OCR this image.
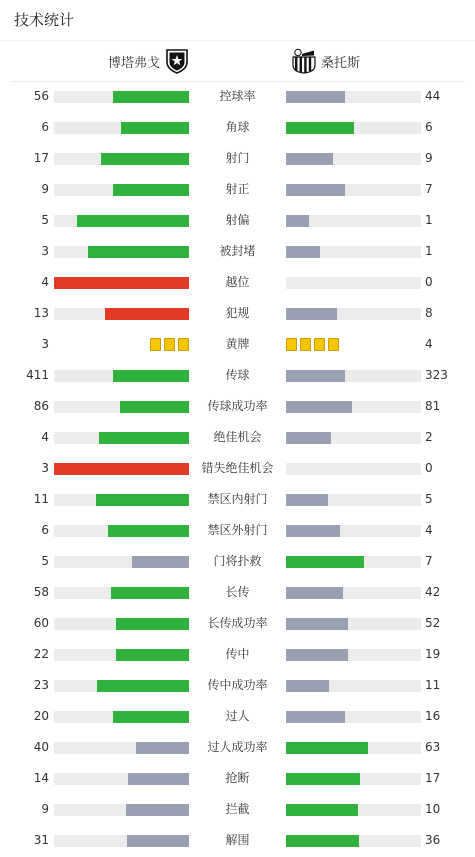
技术统计
博塔弗戈	桑托斯
56	控球率	44
6	角球	6
17	射门	9
9	射正	7
5	射偏	1
3	被封堵	1
4	越位	0
13	犯规	8
3	黄牌	4
411	传球	323
86	传球成功率	81
4	绝佳机会	2
3	错失绝佳机会	0
11	禁区内射门	5
6	禁区外射门	4
5	门将扑救	7
58	长传	42
60	长传成功率	52
22	传中	19
23	传中成功率	11
20	过人	16
40	过人成功率	63
14	抢断	17
9	拦截	10
31	解围	36
